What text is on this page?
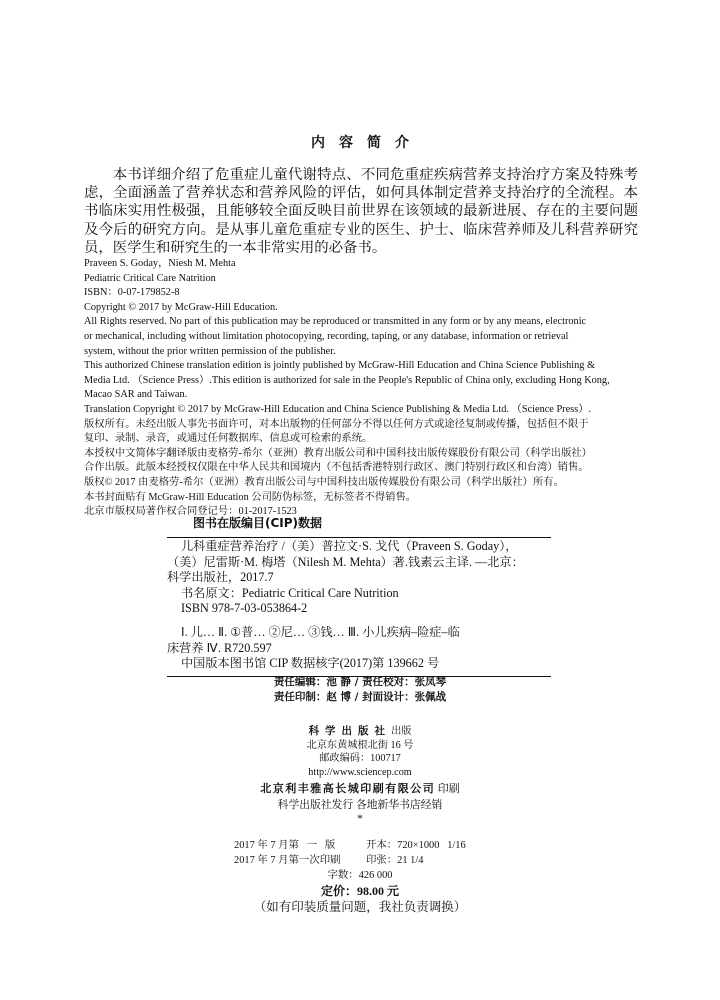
内容简介

本书详细介绍了危重症儿童代谢特点、不同危重症疾病营养支持治疗方案及特殊考虑，全面涵盖了营养状态和营养风险的评估，如何具体制定营养支持治疗的全流程。本书临床实用性极强，且能够较全面反映目前世界在该领域的最新进展、存在的主要问题及今后的研究方向。是从事儿童危重症专业的医生、护士、临床营养师及儿科营养研究员，医学生和研究生的一本非常实用的必备书。

Praveen S. Goday，Niesh M. Mehta
Pediatric Critical Care Natrition
ISBN：0-07-179852-8
Copyright © 2017 by McGraw-Hill Education.
All Rights reserved. No part of this publication may be reproduced or transmitted in any form or by any means, electronic
or mechanical, including without limitation photocopying, recording, taping, or any database, information or retrieval
system, without the prior written permission of the publisher.
This authorized Chinese translation edition is jointly published by McGraw-Hill Education and China Science Publishing &
Media Ltd. （Science Press）.This edition is authorized for sale in the People's Republic of China only, excluding Hong Kong,
Macao SAR and Taiwan.
Translation Copyright © 2017 by McGraw-Hill Education and China Science Publishing & Media Ltd. （Science Press）.
版权所有。未经出版人事先书面许可，对本出版物的任何部分不得以任何方式或途径复制或传播，包括但不限于
复印、录制、录音，或通过任何数据库、信息或可检索的系统。
本授权中文简体字翻译版由麦格劳-希尔（亚洲）教育出版公司和中国科技出版传媒股份有限公司（科学出版社）
合作出版。此版本经授权仅限在中华人民共和国境内（不包括香港特别行政区、澳门特别行政区和台湾）销售。
版权© 2017 由麦格劳-希尔（亚洲）教育出版公司与中国科技出版传媒股份有限公司（科学出版社）所有。
本书封面贴有 McGraw-Hill Education 公司防伪标签，无标签者不得销售。
北京市版权局著作权合同登记号：01-2017-1523
图书在版编目(CIP)数据
儿科重症营养治疗 /（美）普拉文·S. 戈代（Praveen S. Goday），
（美）尼雷斯·M. 梅塔（Nilesh M. Mehta）著.钱素云主译. —北京：
科学出版社，2017.7
书名原文：Pediatric Critical Care Nutrition
ISBN 978-7-03-053864-2
Ⅰ. 儿… Ⅱ. ①普… ②尼… ③钱… Ⅲ. 小儿疾病–险症–临
床营养 Ⅳ. R720.597
中国版本图书馆 CIP 数据核字(2017)第 139662 号
责任编辑：池 静 / 责任校对：张凤琴
责任印制：赵 博 / 封面设计：张佩战
科学出版社出版
北京东黄城根北街 16 号
邮政编码：100717
http://www.sciencep.com
北京利丰雅高长城印刷有限公司 印刷
科学出版社发行 各地新华书店经销
*
2017 年 7 月第   一   版	开本：720×1000   1/16
2017 年 7 月第一次印刷 印张：21 1/4
字数：426 000
定价：98.00 元
（如有印装质量问题，我社负责调换）
